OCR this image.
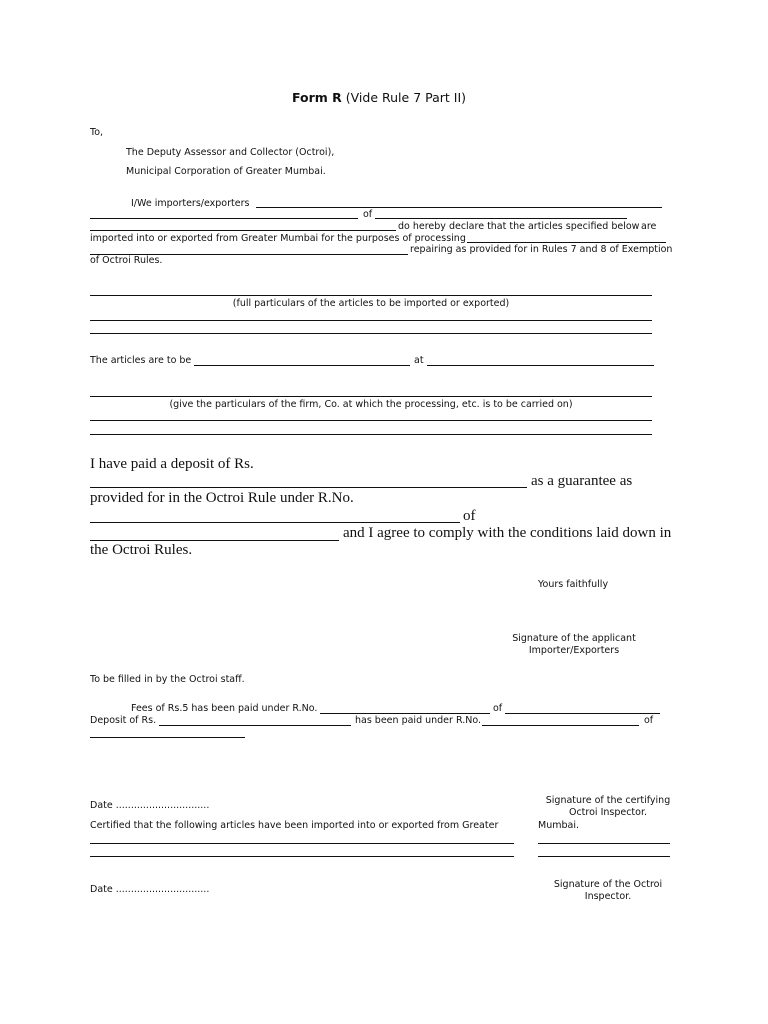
Form R (Vide Rule 7 Part II)
To,
The Deputy Assessor and Collector (Octroi),
Municipal Corporation of Greater Mumbai.
I/We importers/exporters
of
do hereby declare that the articles specified below are
imported into or exported from Greater Mumbai for the purposes of processing
repairing as provided for in Rules 7 and 8 of Exemption
of Octroi Rules.
(full particulars of the articles to be imported or exported)
The articles are to be	at
(give the particulars of the firm, Co. at which the processing, etc. is to be carried on)
I have paid a deposit of Rs.
as a guarantee as
provided for in the Octroi Rule under R.No.
of
and I agree to comply with the conditions laid down in
the Octroi Rules.
Yours faithfully
Signature of the applicant
Importer/Exporters
To be filled in by the Octroi staff.
Fees of Rs.5 has been paid under R.No.	of
Deposit of Rs.	has been paid under R.No.	of
Date ...............................	Signature of the certifying
Octroi Inspector.
Certified that the following articles have been imported into or exported from Greater	Mumbai.
Date ...............................	Signature of the Octroi
Inspector.
